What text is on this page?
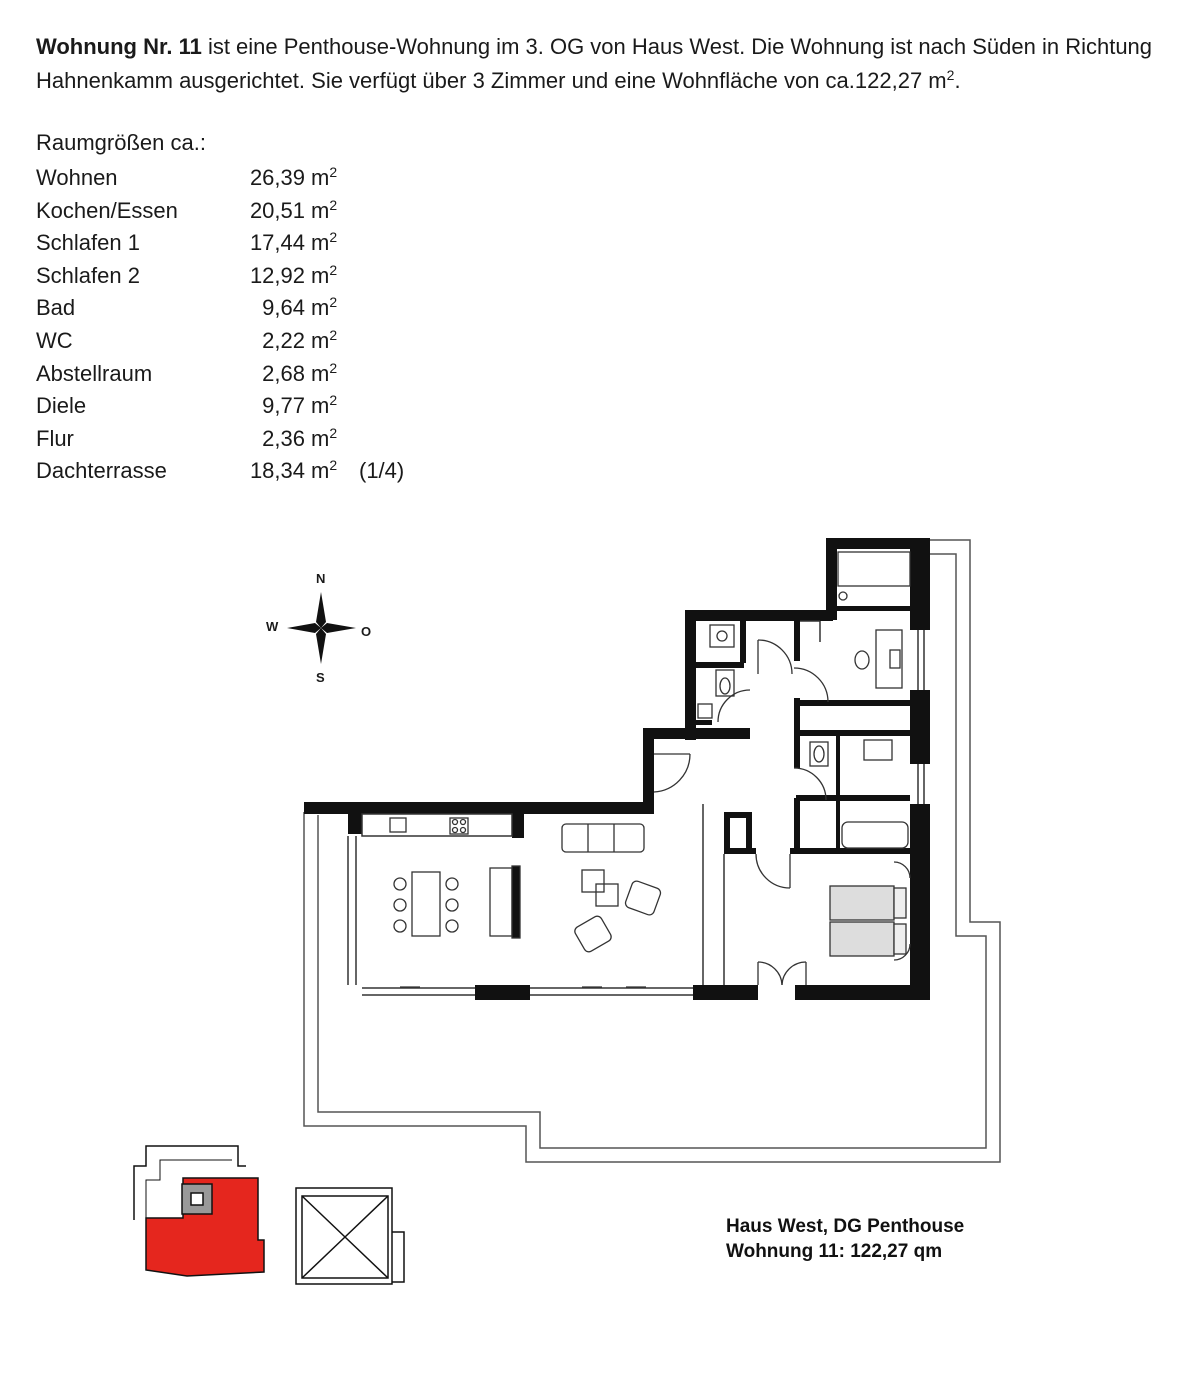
Wohnung Nr. 11 ist eine Penthouse-Wohnung im 3. OG von Haus West. Die Wohnung ist nach Süden in Richtung Hahnenkamm ausgerichtet. Sie verfügt über 3 Zimmer und eine Wohnfläche von ca.122,27 $m^2$.
Raumgrößen ca.:
Wohnen	26,39 $m^2$
Kochen/Essen	20,51 $m^2$
Schlafen 1	17,44 $m^2$
Schlafen 2	12,92 $m^2$
Bad	9,64 $m^2$
WC	2,22 $m^2$
Abstellraum	2,68 $m^2$
Diele	9,77 $m^2$
Flur	2,36 $m^2$
Dachterrasse	18,34 $m^2$ (1/4)
N
S
W	O
Haus West, DG Penthouse
Wohnung 11: 122,27 qm
